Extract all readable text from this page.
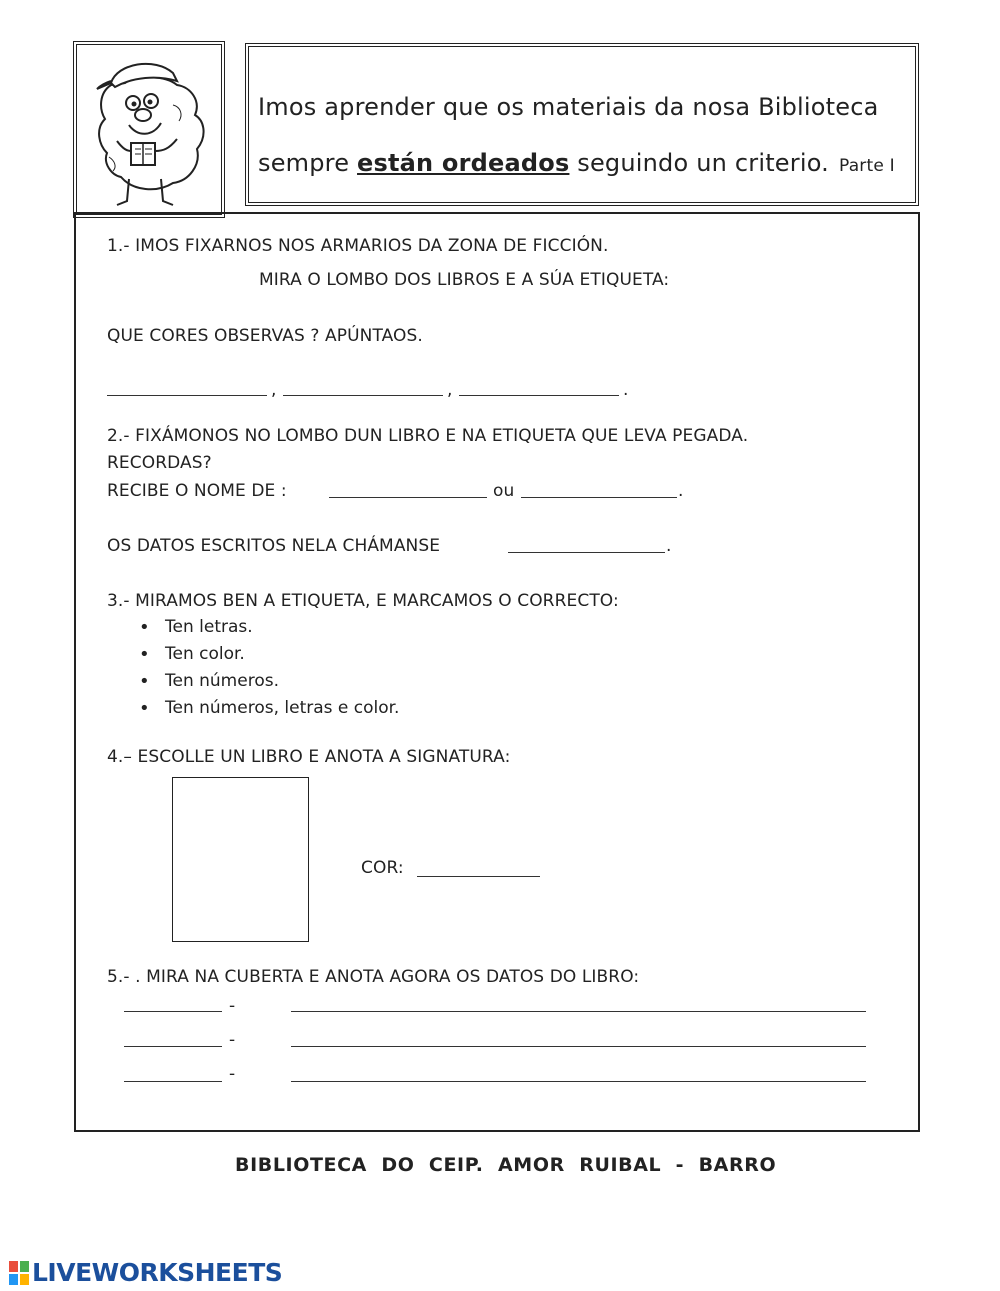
Imos aprender que os materiais da nosa Biblioteca
sempre están ordeados seguindo un criterio. Parte I
1.- IMOS FIXARNOS NOS ARMARIOS DA ZONA DE FICCIÓN.
MIRA O LOMBO DOS LIBROS E A SÚA ETIQUETA:
QUE CORES OBSERVAS ? APÚNTAOS.
,	,	.
2.- FIXÁMONOS NO LOMBO DUN LIBRO E NA ETIQUETA QUE LEVA PEGADA.
RECORDAS?
RECIBE O NOME DE :	ou	.
OS DATOS ESCRITOS NELA CHÁMANSE	.
3.- MIRAMOS BEN A ETIQUETA, E MARCAMOS O CORRECTO:
• Ten letras.
• Ten color.
• Ten números.
• Ten números, letras e color.
4.– ESCOLLE UN LIBRO E ANOTA A SIGNATURA:
COR:
5.- . MIRA NA CUBERTA E ANOTA AGORA OS DATOS DO LIBRO:
-
-
-
BIBLIOTECA  DO  CEIP.  AMOR  RUIBAL  -  BARRO
LIVEWORKSHEETS
